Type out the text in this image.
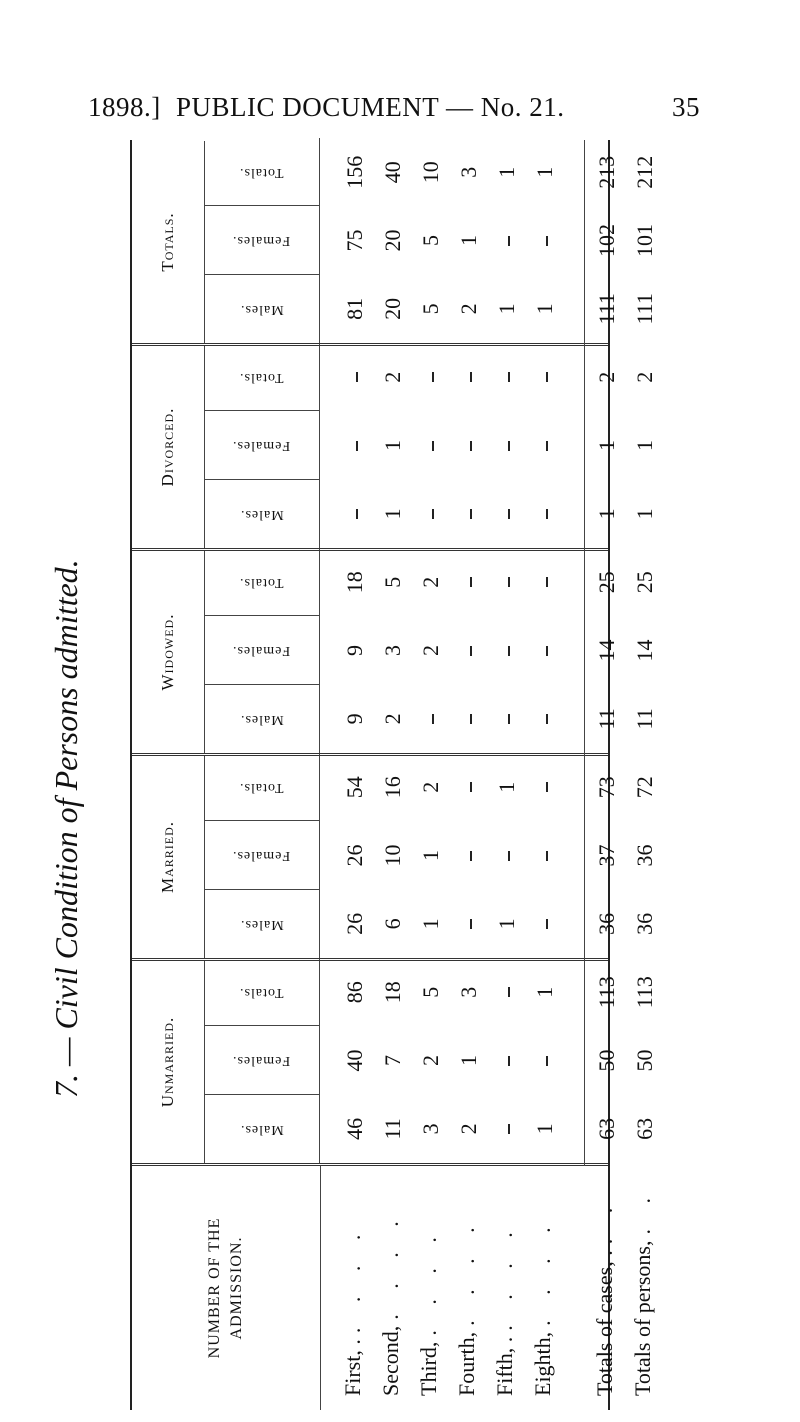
1898.] PUBLIC DOCUMENT — No. 21.	35
7. — Civil Condition of Persons admitted.
NUMBER OF THE ADMISSION.
First, .. . . .
Second,. . . .
Third,. . . .
Fourth,. . . .
Fifth, .. . . .
Eighth,. . . . Totals of cases, .. .
Totals of persons,. .
Unmarried.
Males.
Females.
Totals.
46
40
86
11
7
18
3
2
5
2
1
3
1
1
63
50
113
63
50
113
Married.
Males.
Females.
Totals.
26
26
54
6
10
16
1
1
2
1
1
36
37
73
36
36
72
Widowed.
Males.
Females.
Totals.
9
9
18
2
3
5
2
2
11
14
25
11
14
25
Divorced.
Males.
Females.
Totals.
1
1
2
1
1
2
1
1
2
Totals.
Males.
Females.
Totals.
81
75
156
20
20
40
5
5
10
2
1
3
1
1
1
1
111
102
213
111
101
212
